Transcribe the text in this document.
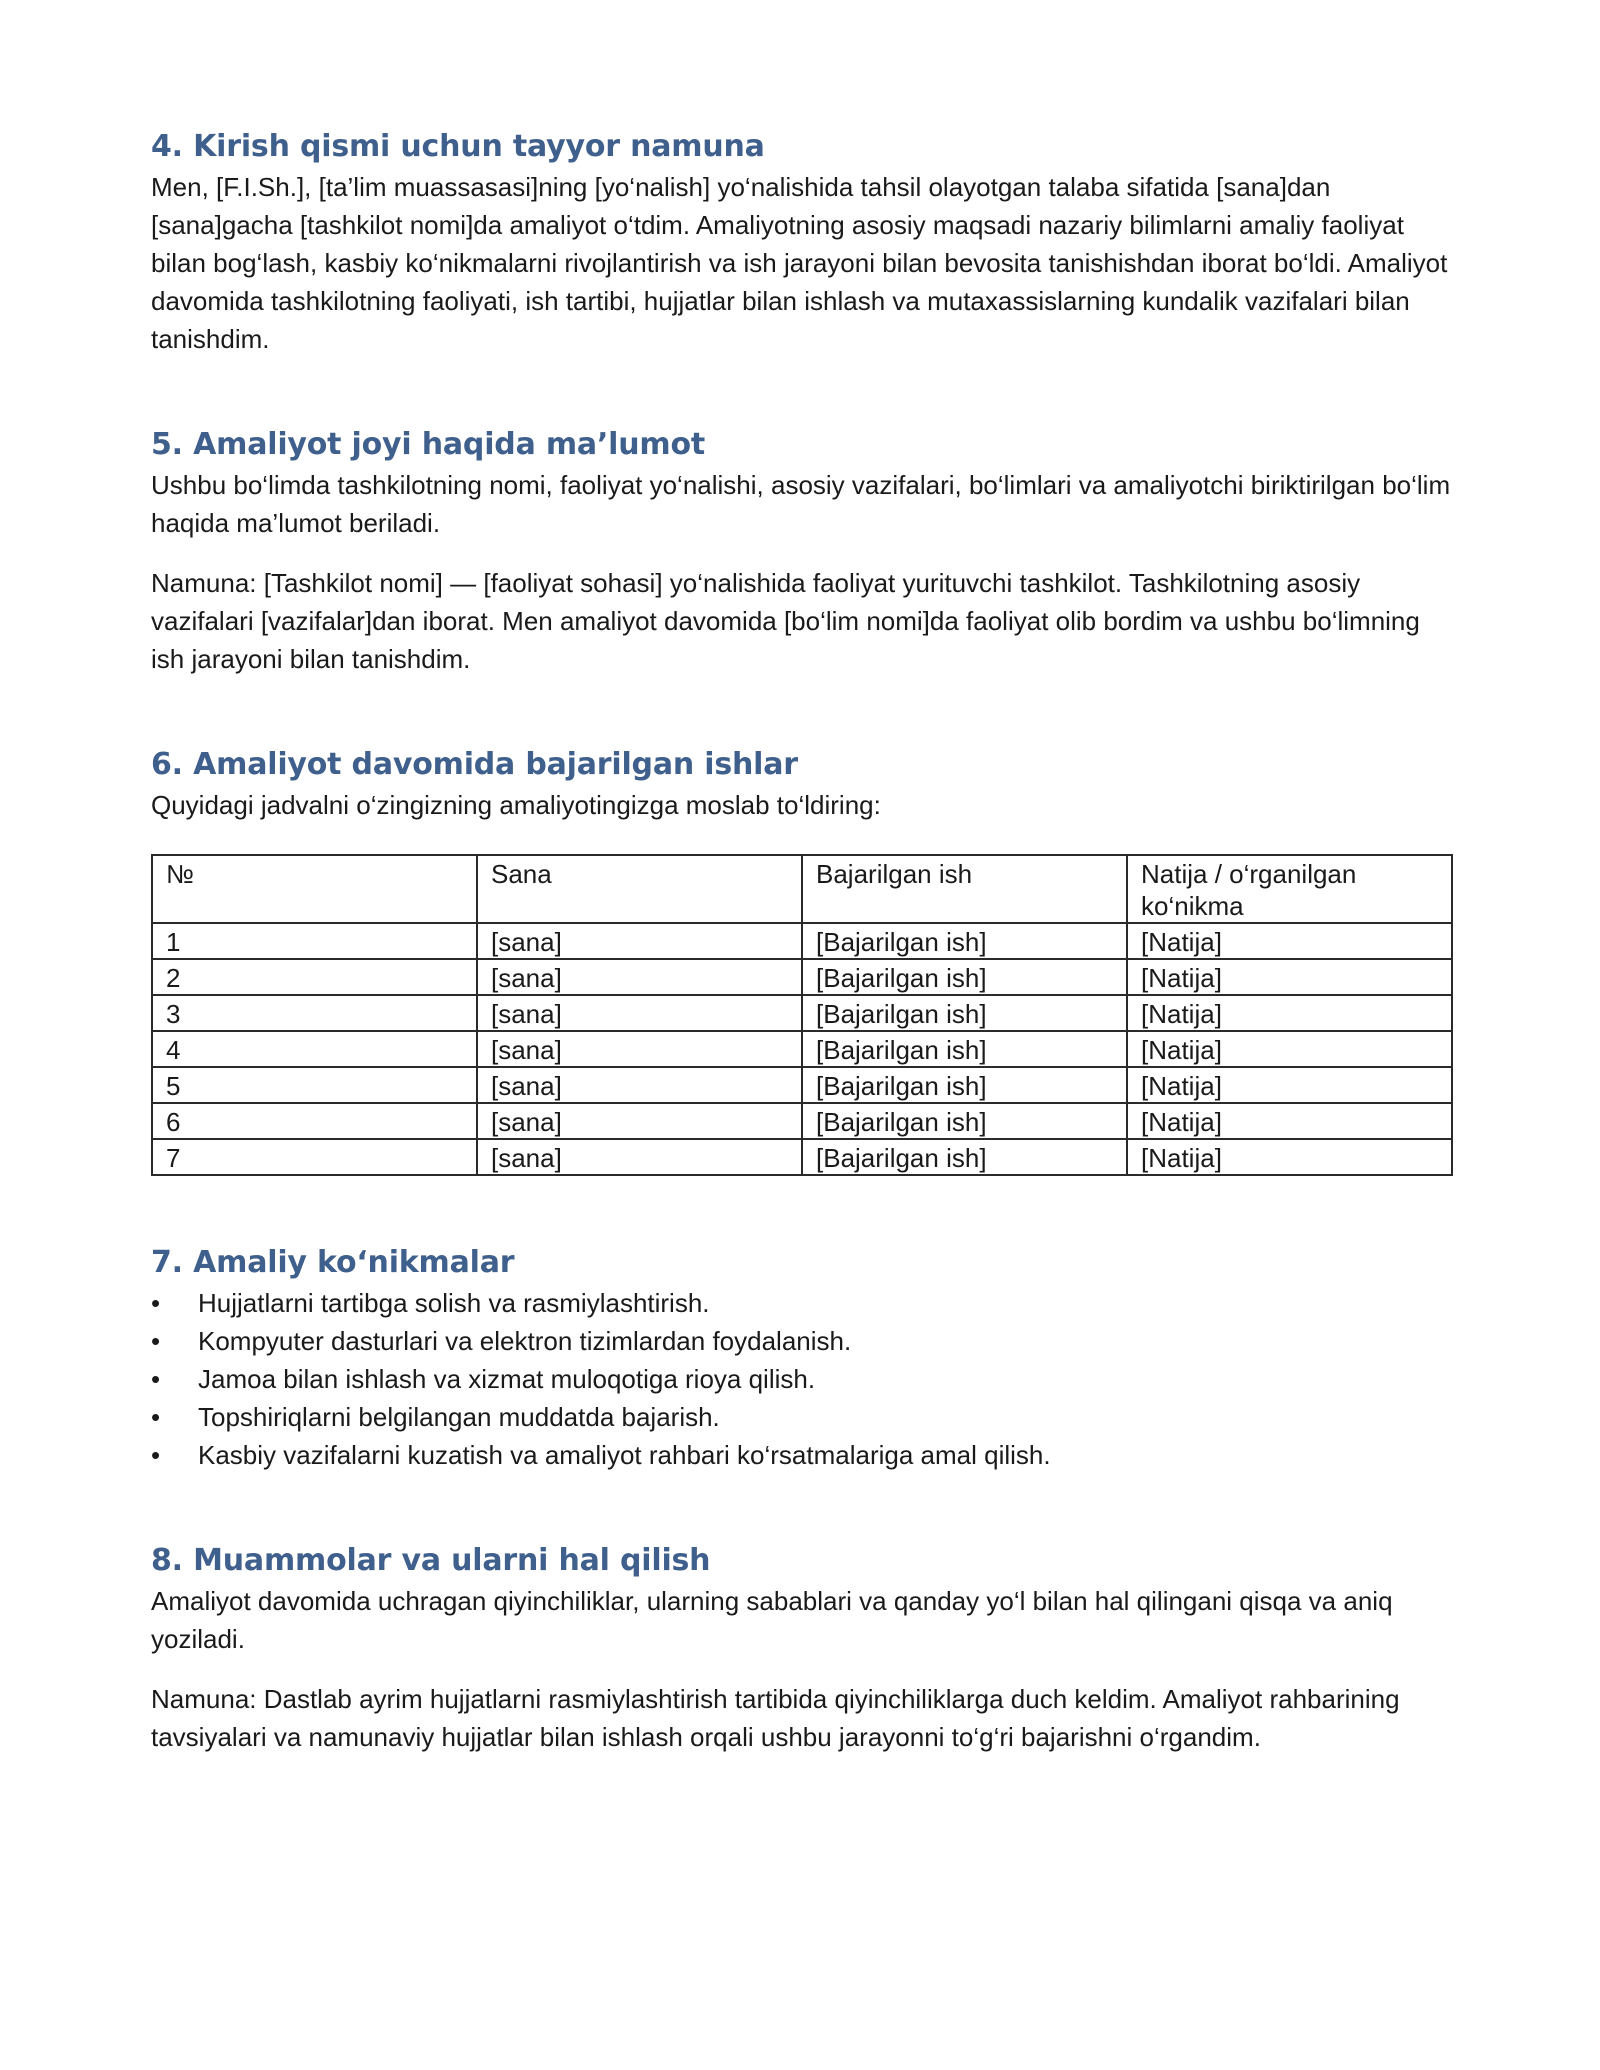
4. Kirish qismi uchun tayyor namuna

Men, [F.I.Sh.], [ta’lim muassasasi]ning [yo‘nalish] yo‘nalishida tahsil olayotgan talaba sifatida [sana]dan [sana]gacha [tashkilot nomi]da amaliyot o‘tdim. Amaliyotning asosiy maqsadi nazariy bilimlarni amaliy faoliyat bilan bog‘lash, kasbiy ko‘nikmalarni rivojlantirish va ish jarayoni bilan bevosita tanishishdan iborat bo‘ldi. Amaliyot davomida tashkilotning faoliyati, ish tartibi, hujjatlar bilan ishlash va mutaxassislarning kundalik vazifalari bilan tanishdim.

5. Amaliyot joyi haqida ma’lumot

Ushbu bo‘limda tashkilotning nomi, faoliyat yo‘nalishi, asosiy vazifalari, bo‘limlari va amaliyotchi biriktirilgan bo‘lim haqida ma’lumot beriladi.

Namuna: [Tashkilot nomi] — [faoliyat sohasi] yo‘nalishida faoliyat yurituvchi tashkilot. Tashkilotning asosiy vazifalari [vazifalar]dan iborat. Men amaliyot davomida [bo‘lim nomi]da faoliyat olib bordim va ushbu bo‘limning ish jarayoni bilan tanishdim.

6. Amaliyot davomida bajarilgan ishlar

Quyidagi jadvalni o‘zingizning amaliyotingizga moslab to‘ldiring:

№	Sana	Bajarilgan ish	Natija / o‘rganilgan ko‘nikma
1	[sana]	[Bajarilgan ish]	[Natija]
2	[sana]	[Bajarilgan ish]	[Natija]
3	[sana]	[Bajarilgan ish]	[Natija]
4	[sana]	[Bajarilgan ish]	[Natija]
5	[sana]	[Bajarilgan ish]	[Natija]
6	[sana]	[Bajarilgan ish]	[Natija]
7	[sana]	[Bajarilgan ish]	[Natija]
7. Amaliy ko‘nikmalar
•	Hujjatlarni tartibga solish va rasmiylashtirish.
•	Kompyuter dasturlari va elektron tizimlardan foydalanish.
•	Jamoa bilan ishlash va xizmat muloqotiga rioya qilish.
•	Topshiriqlarni belgilangan muddatda bajarish.
•	Kasbiy vazifalarni kuzatish va amaliyot rahbari ko‘rsatmalariga amal qilish.
8. Muammolar va ularni hal qilish

Amaliyot davomida uchragan qiyinchiliklar, ularning sabablari va qanday yo‘l bilan hal qilingani qisqa va aniq yoziladi.

Namuna: Dastlab ayrim hujjatlarni rasmiylashtirish tartibida qiyinchiliklarga duch keldim. Amaliyot rahbarining tavsiyalari va namunaviy hujjatlar bilan ishlash orqali ushbu jarayonni to‘g‘ri bajarishni o‘rgandim.
